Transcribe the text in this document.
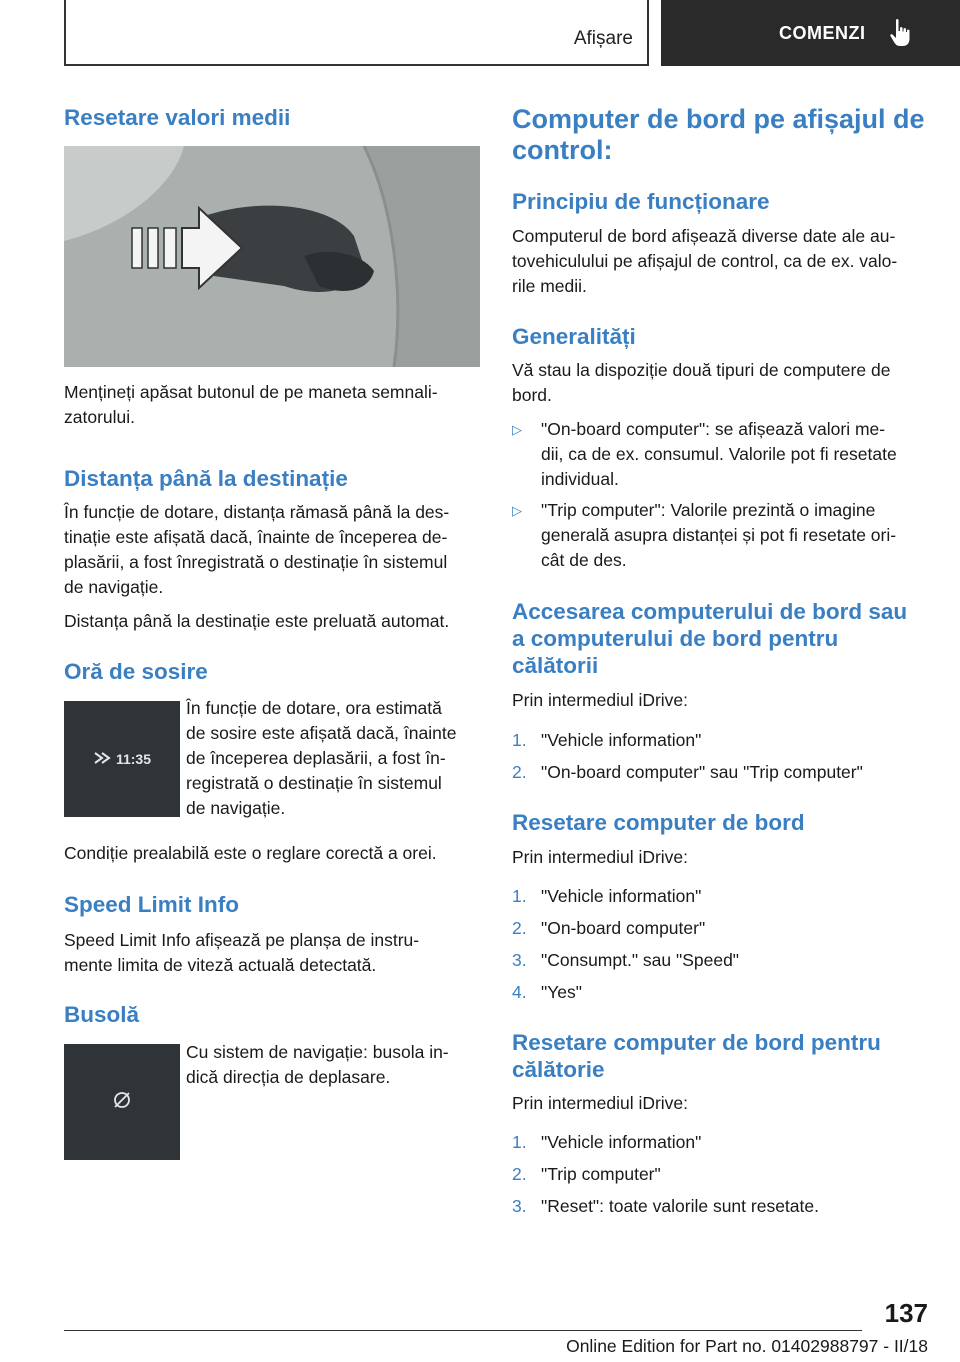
Afișare	COMENZI
Resetare valori medii
Mențineți apăsat butonul de pe maneta semnali-
zatorului.
Distanța până la destinație
În funcție de dotare, distanța rămasă până la des-
tinație este afișată dacă, înainte de începerea de-
plasării, a fost înregistrată o destinație în sistemul
de navigație.
Distanța până la destinație este preluată automat.
Oră de sosire
11:35
În funcție de dotare, ora estimată
de sosire este afișată dacă, înainte
de începerea deplasării, a fost în-
registrată o destinație în sistemul
de navigație.
Condiție prealabilă este o reglare corectă a orei.
Speed Limit Info
Speed Limit Info afișează pe planșa de instru-
mente limita de viteză actuală detectată.
Busolă
Cu sistem de navigație: busola in-
dică direcția de deplasare.
Computer de bord pe afișajul de
control:
Principiu de funcționare
Computerul de bord afișează diverse date ale au-
tovehiculului pe afișajul de control, ca de ex. valo-
rile medii.
Generalități
Vă stau la dispoziție două tipuri de computere de
bord.
▷ "On-board computer": se afișează valori me-
dii, ca de ex. consumul. Valorile pot fi resetate
individual.
▷ "Trip computer": Valorile prezintă o imagine
generală asupra distanței și pot fi resetate ori-
cât de des.
Accesarea computerului de bord sau
a computerului de bord pentru
călătorii
Prin intermediul iDrive:
1. "Vehicle information"
2. "On-board computer" sau "Trip computer"
Resetare computer de bord
Prin intermediul iDrive:
1. "Vehicle information"
2. "On-board computer"
3. "Consumpt." sau "Speed"
4. "Yes"
Resetare computer de bord pentru
călătorie
Prin intermediul iDrive:
1. "Vehicle information"
2. "Trip computer"
3. "Reset": toate valorile sunt resetate.
137
Online Edition for Part no. 01402988797 - II/18
